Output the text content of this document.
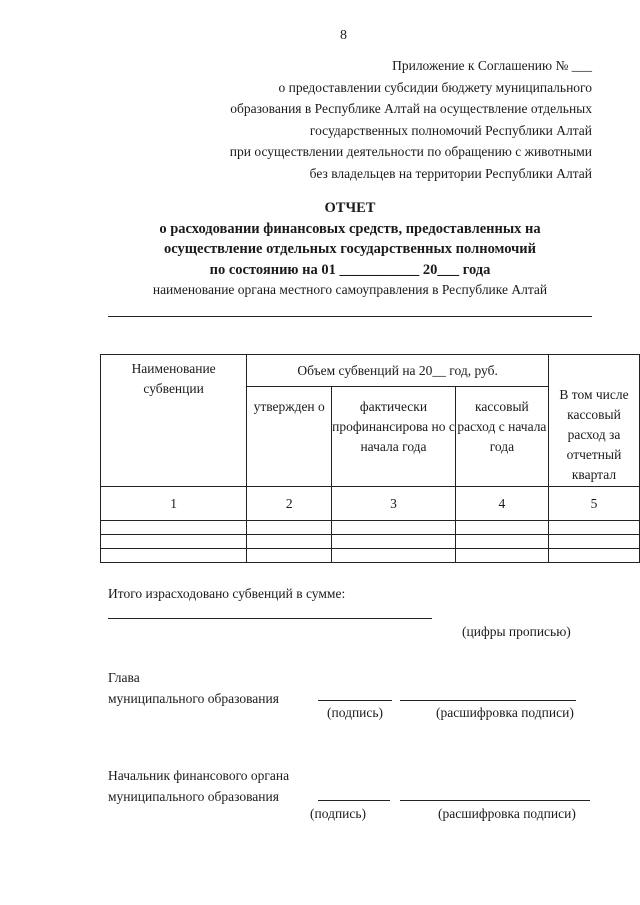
8
Приложение к Соглашению № ___
о предоставлении субсидии бюджету муниципального
образования в Республике Алтай на осуществление отдельных
государственных полномочий Республики Алтай
при осуществлении деятельности по обращению с животными
без владельцев на территории Республики Алтай
ОТЧЕТ
о расходовании финансовых средств, предоставленных на
осуществление отдельных государственных полномочий
по состоянию на 01 ___________ 20___ года
наименование органа местного самоуправления в Республике Алтай
Наименование субвенции	Объем субвенций на 20__ год, руб.			В том числе кассовый расход за отчетный квартал
	утвержден о	фактически профинансирова но с начала года	кассовый расход с начала года	
1	2	3	4	5

Итого израсходовано субвенций в сумме:
(цифры прописью)
Глава
муниципального образования
(подпись)	(расшифровка подписи)
Начальник финансового органа
муниципального образования
(подпись)	(расшифровка подписи)
